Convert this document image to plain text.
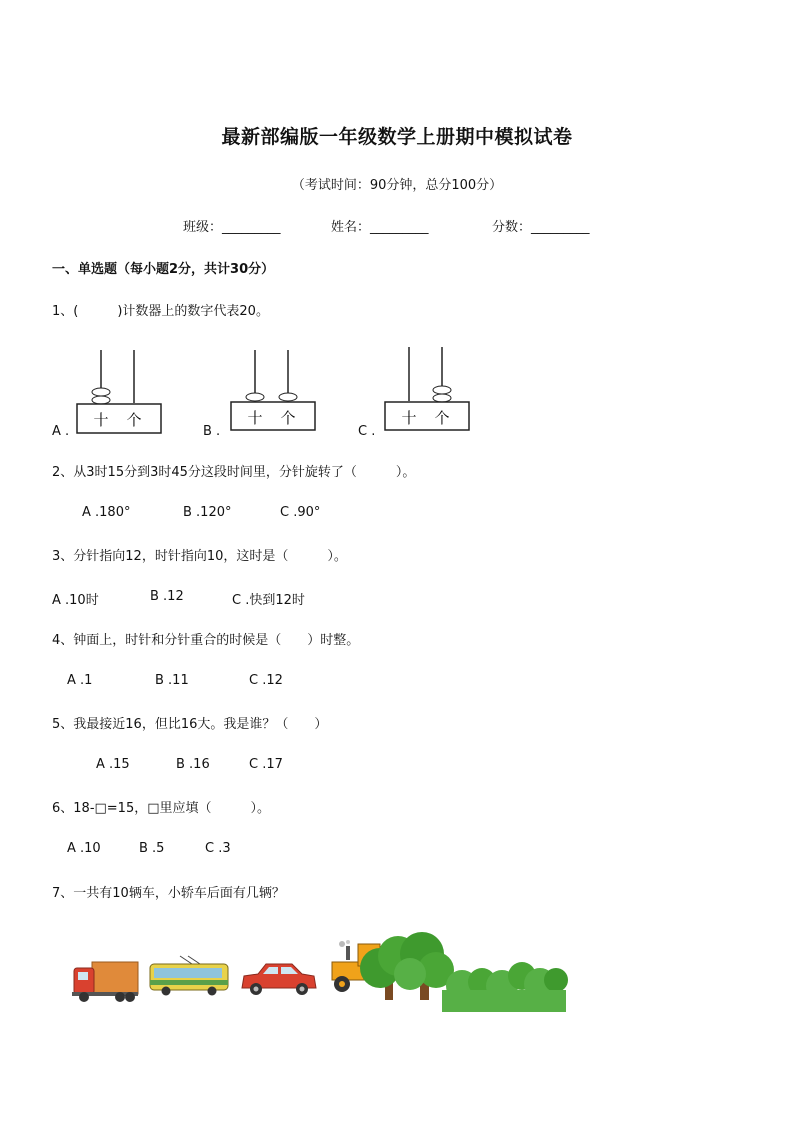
最新部编版一年级数学上册期中模拟试卷
（考试时间：90分钟，总分100分）
班级：_________	姓名：_________	分数：_________
一、单选题（每小题2分，共计30分）
1、(　　　)计数器上的数字代表20。
A .	B .	C .
十 个	十 个	十 个
2、从3时15分到3时45分这段时间里，分针旋转了（　　　）。
A .180°	B .120°	C .90°
3、分针指向12，时针指向10，这时是（　　　）。
A .10时	B .12	C .快到12时
4、钟面上，时针和分针重合的时候是（　　）时整。
A .1	B .11	C .12
5、我最接近16，但比16大。我是谁？（　　）
A .15	B .16	C .17
6、18-□=15，□里应填（　　　）。
A .10	B .5	C .3
7、一共有10辆车，小轿车后面有几辆？
